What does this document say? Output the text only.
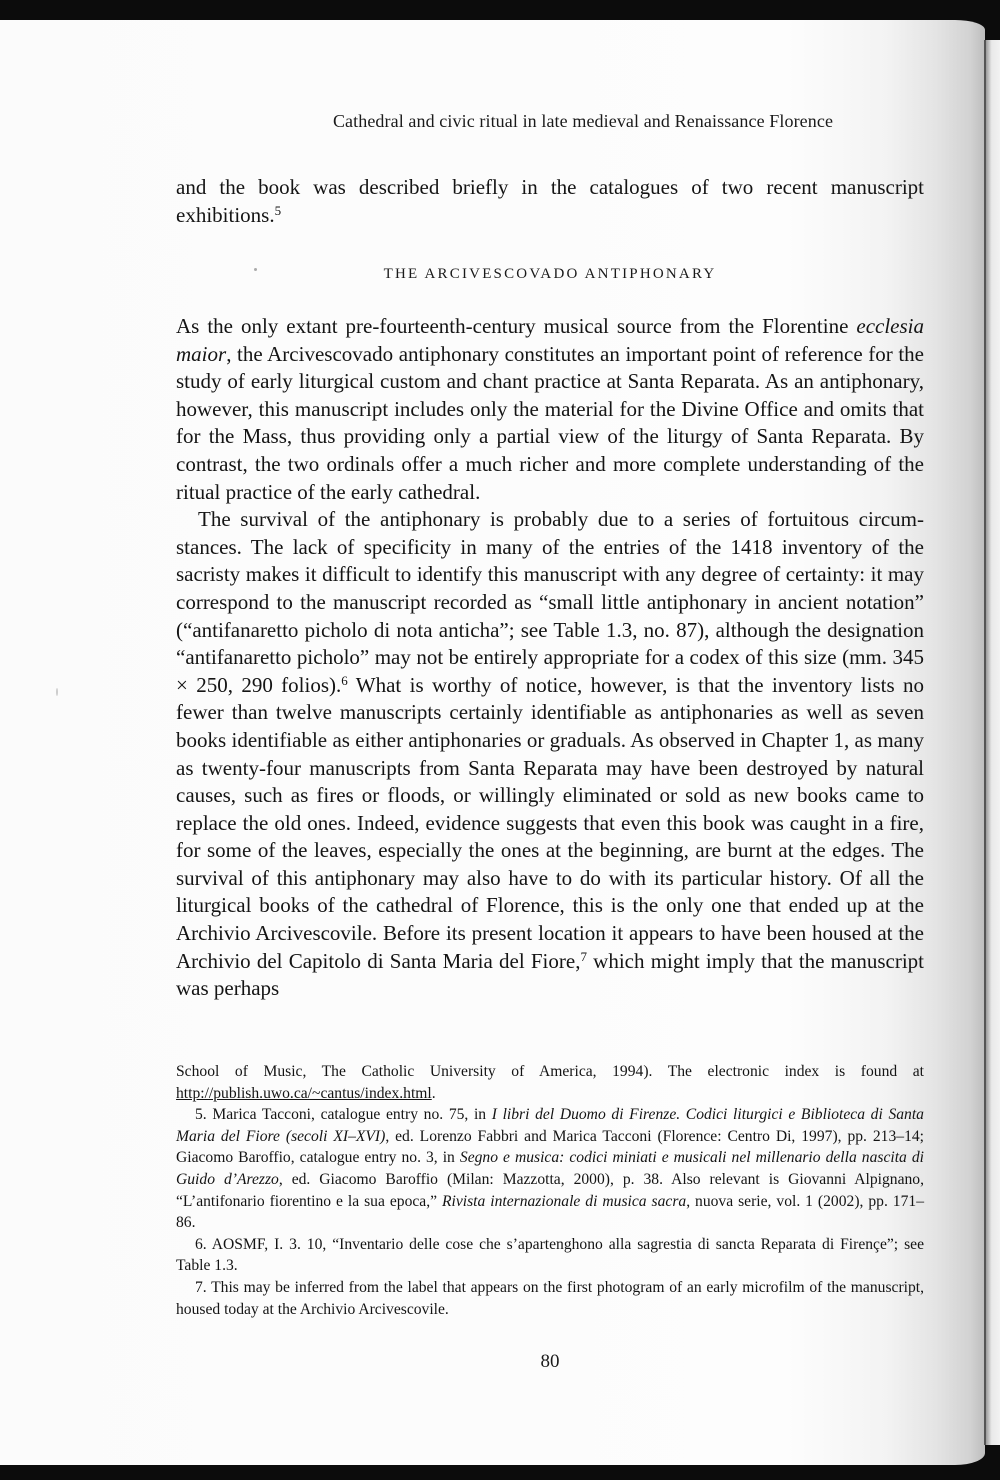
Cathedral and civic ritual in late medieval and Renaissance Florence

and the book was described briefly in the catalogues of two recent manuscript exhibitions.$^5$

THE ARCIVESCOVADO ANTIPHONARY

As the only extant pre-fourteenth-century musical source from the Florentine ecclesia maior, the Arcivescovado antiphonary constitutes an important point of reference for the study of early liturgical custom and chant practice at Santa Reparata. As an antiphonary, however, this manuscript includes only the material for the Divine Office and omits that for the Mass, thus providing only a partial view of the liturgy of Santa Reparata. By contrast, the two ordinals offer a much richer and more complete understanding of the ritual practice of the early cathedral.

The survival of the antiphonary is probably due to a series of fortuitous circumstances. The lack of specificity in many of the entries of the 1418 inventory of the sacristy makes it difficult to identify this manuscript with any degree of certainty: it may correspond to the manuscript recorded as “small little antiphonary in ancient notation” (“antifanaretto picholo di nota anticha”; see Table 1.3, no. 87), although the designation “antifanaretto picholo” may not be entirely appropriate for a codex of this size (mm. 345 × 250, 290 folios).$^6$ What is worthy of notice, however, is that the inventory lists no fewer than twelve manuscripts certainly identifiable as antiphonaries as well as seven books identifiable as either antiphonaries or graduals. As observed in Chapter 1, as many as twenty-four manuscripts from Santa Reparata may have been destroyed by natural causes, such as fires or floods, or willingly eliminated or sold as new books came to replace the old ones. Indeed, evidence suggests that even this book was caught in a fire, for some of the leaves, especially the ones at the beginning, are burnt at the edges. The survival of this antiphonary may also have to do with its particular history. Of all the liturgical books of the cathedral of Florence, this is the only one that ended up at the Archivio Arcivescovile. Before its present location it appears to have been housed at the Archivio del Capitolo di Santa Maria del Fiore,$^7$ which might imply that the manuscript was perhaps

School of Music, The Catholic University of America, 1994). The electronic index is found at http://publish.uwo.ca/~cantus/index.html.

5. Marica Tacconi, catalogue entry no. 75, in I libri del Duomo di Firenze. Codici liturgici e Biblioteca di Santa Maria del Fiore (secoli XI–XVI), ed. Lorenzo Fabbri and Marica Tacconi (Florence: Centro Di, 1997), pp. 213–14; Giacomo Baroffio, catalogue entry no. 3, in Segno e musica: codici miniati e musicali nel millenario della nascita di Guido d’Arezzo, ed. Giacomo Baroffio (Milan: Mazzotta, 2000), p. 38. Also relevant is Giovanni Alpignano, “L’antifonario fiorentino e la sua epoca,” Rivista internazionale di musica sacra, nuova serie, vol. 1 (2002), pp. 171–86.

6. AOSMF, I. 3. 10, “Inventario delle cose che s’apartenghono alla sagrestia di sancta Reparata di Firençe”; see Table 1.3.

7. This may be inferred from the label that appears on the first photogram of an early microfilm of the manuscript, housed today at the Archivio Arcivescovile.

80
